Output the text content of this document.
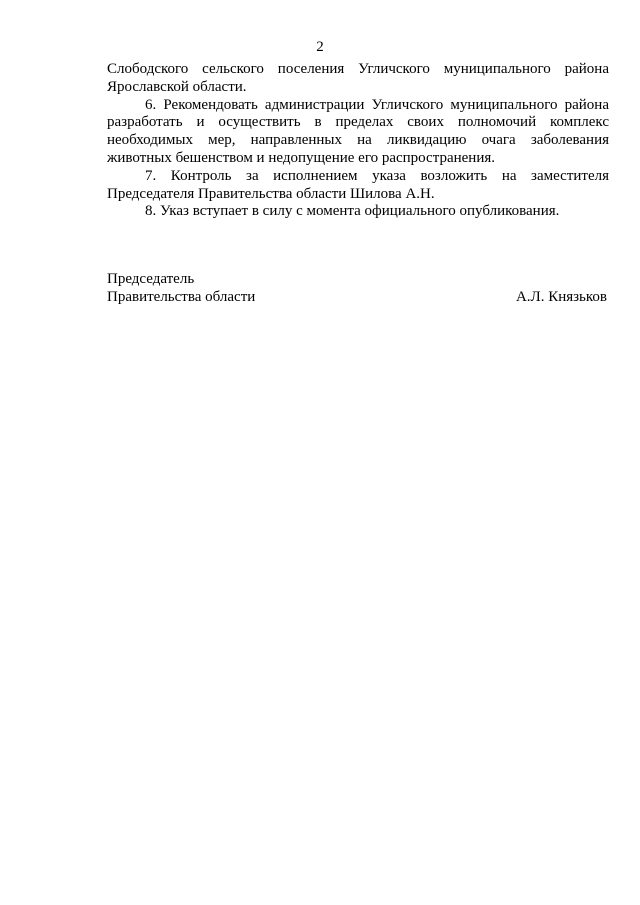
2

Слободского сельского поселения Угличского муниципального района Ярославской области.

6. Рекомендовать администрации Угличского муниципального района разработать и осуществить в пределах своих полномочий комплекс необходимых мер, направленных на ликвидацию очага заболевания животных бешенством и недопущение его распространения.

7. Контроль за исполнением указа возложить на заместителя Председателя Правительства области Шилова А.Н.

8. Указ вступает в силу с момента официального опубликования.

Председатель
Правительства области	А.Л. Князьков
